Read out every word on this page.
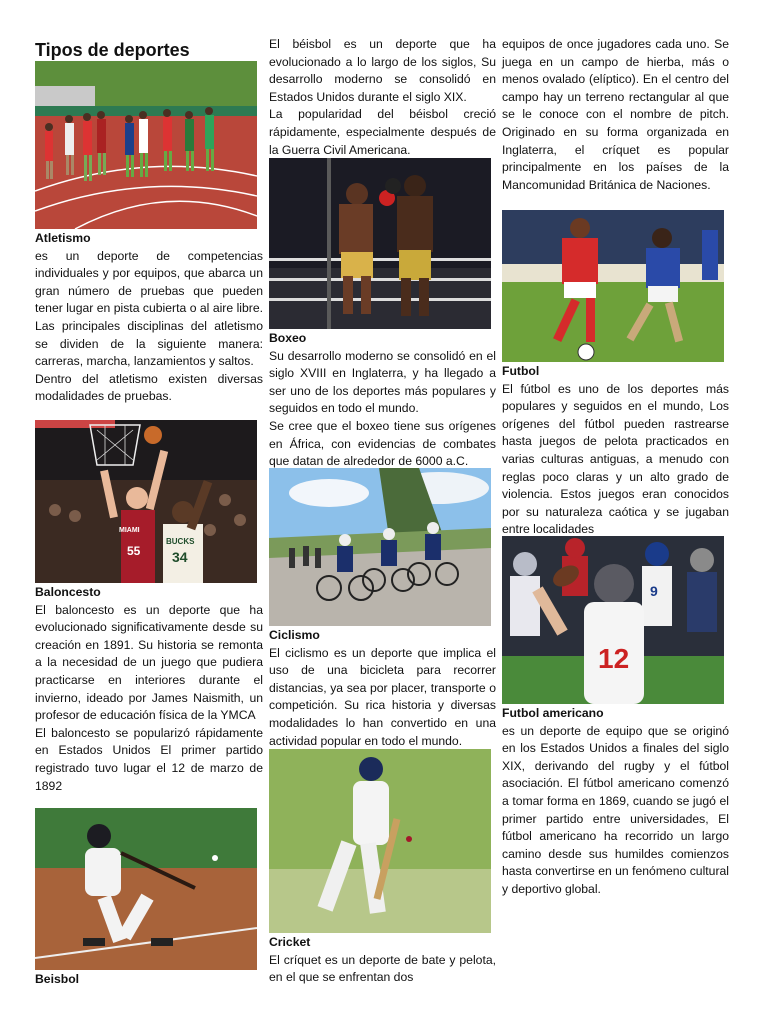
Tipos de deportes

Atletismo

es un deporte de competencias individuales y por equipos, que abarca un gran número de pruebas que pueden tener lugar en pista cubierta o al aire libre. Las principales disciplinas del atletismo se dividen de la siguiente manera: carreras, marcha, lanzamientos y saltos.

Dentro del atletismo existen diversas modalidades de pruebas.

55
MIAMI
BUCKS
34

Baloncesto

El baloncesto es un deporte que ha evolucionado significativamente desde su creación en 1891. Su historia se remonta a la necesidad de un juego que pudiera practicarse en interiores durante el invierno, ideado por James Naismith, un profesor de educación física de la YMCA

El baloncesto se popularizó rápidamente en Estados Unidos El primer partido registrado tuvo lugar el 12 de marzo de 1892

Beisbol

El béisbol es un deporte que ha evolucionado a lo largo de los siglos, Su desarrollo moderno se consolidó en Estados Unidos durante el siglo XIX.

La popularidad del béisbol creció rápidamente, especialmente después de la Guerra Civil Americana.

Boxeo

Su desarrollo moderno se consolidó en el siglo XVIII en Inglaterra, y ha llegado a ser uno de los deportes más populares y seguidos en todo el mundo.

Se cree que el boxeo tiene sus orígenes en África, con evidencias de combates que datan de alrededor de 6000 a.C.

Ciclismo

El ciclismo es un deporte que implica el uso de una bicicleta para recorrer distancias, ya sea por placer, transporte o competición. Su rica historia y diversas modalidades lo han convertido en una actividad popular en todo el mundo.

Cricket

El críquet es un deporte de bate y pelota, en el que se enfrentan dos

equipos de once jugadores cada uno. Se juega en un campo de hierba, más o menos ovalado (elíptico). En el centro del campo hay un terreno rectangular al que se le conoce con el nombre de pitch. Originado en su forma organizada en Inglaterra, el críquet es popular principalmente en los países de la Mancomunidad Británica de Naciones.

Futbol

El fútbol es uno de los deportes más populares y seguidos en el mundo, Los orígenes del fútbol pueden rastrearse hasta juegos de pelota practicados en varias culturas antiguas, a menudo con reglas poco claras y un alto grado de violencia. Estos juegos eran conocidos por su naturaleza caótica y se jugaban entre localidades

12
9

Futbol americano

es un deporte de equipo que se originó en los Estados Unidos a finales del siglo XIX, derivando del rugby y el fútbol asociación. El fútbol americano comenzó a tomar forma en 1869, cuando se jugó el primer partido entre universidades, El fútbol americano ha recorrido un largo camino desde sus humildes comienzos hasta convertirse en un fenómeno cultural y deportivo global.
